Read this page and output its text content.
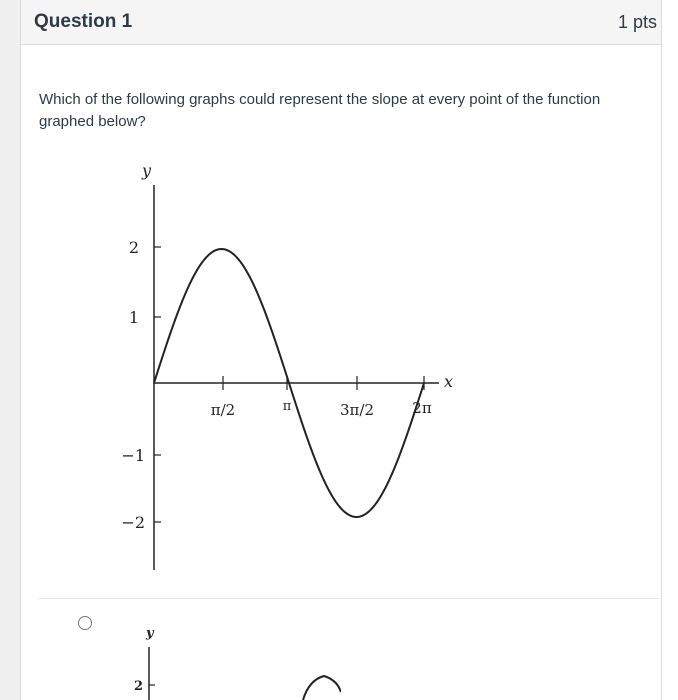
Question 1	1 pts
Which of the following graphs could represent the slope at every point of the function graphed below?
y
2
1
−1
−2
π/2	π	3π/2	2π
x
y
2
